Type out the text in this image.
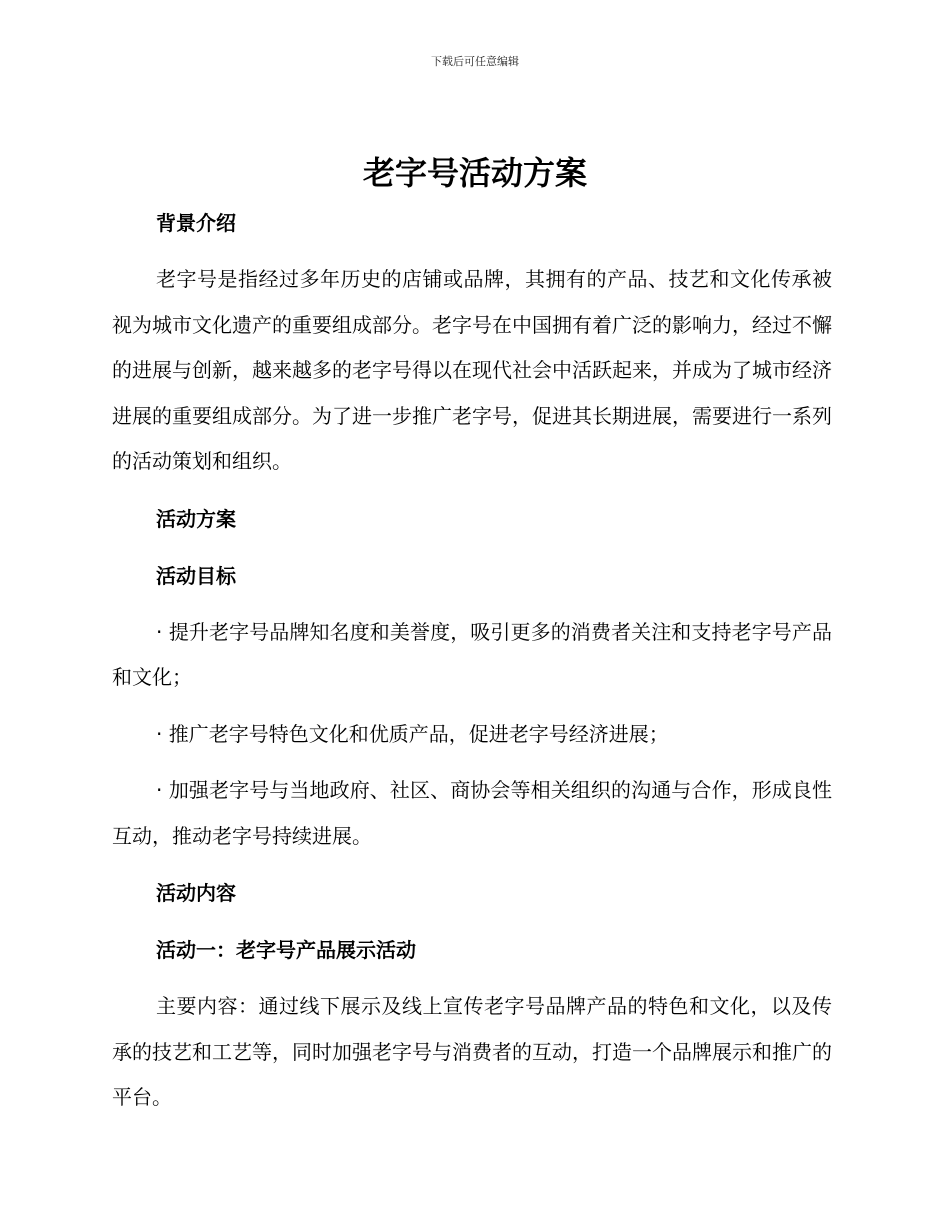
下载后可任意编辑
老字号活动方案
背景介绍

老字号是指经过多年历史的店铺或品牌，其拥有的产品、技艺和文化传承被视为城市文化遗产的重要组成部分。老字号在中国拥有着广泛的影响力，经过不懈的进展与创新，越来越多的老字号得以在现代社会中活跃起来，并成为了城市经济进展的重要组成部分。为了进一步推广老字号，促进其长期进展，需要进行一系列的活动策划和组织。

活动方案
活动目标

· 提升老字号品牌知名度和美誉度，吸引更多的消费者关注和支持老字号产品和文化；

· 推广老字号特色文化和优质产品，促进老字号经济进展；

· 加强老字号与当地政府、社区、商协会等相关组织的沟通与合作，形成良性互动，推动老字号持续进展。

活动内容
活动一：老字号产品展示活动

主要内容：通过线下展示及线上宣传老字号品牌产品的特色和文化，以及传承的技艺和工艺等，同时加强老字号与消费者的互动，打造一个品牌展示和推广的平台。
